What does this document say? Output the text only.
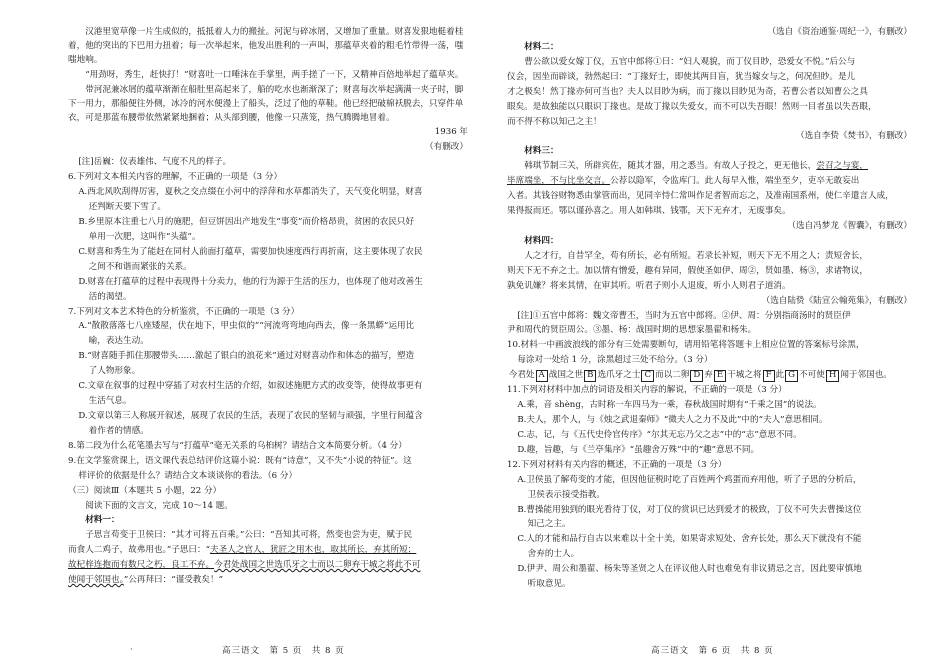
汉港里宽草像一片生成似的，抵抵着人力的搬扯。河泥与碎冰屑，又增加了重量。财喜发狠地梃着桂着，他的突出的下巴用力扭着；每一次举起来，他发出胜利的一声叫，那蕴草夹着的粗毛竹带得一荡，嗤嗤地响。

“用劲呀，秀生，赶快打！”财喜吐一口唾沫在手掌里，两手搓了一下，又精神百倍地举起了蕴草夹。

带河泥兼冰屑的蕴草渐渐在船肚里高起来了，船的吃水也渐渐深了；财喜每次举起满满一夹子时，脚下一用力，那船便往外侧，冰冷的河水便漫上了船头，泛过了他的草鞋。他已经把破棉袄脱去，只穿件单衣，可是那蓝布腰带依然紧紧地捆着；从头部到腰，他像一只蒸笼，热气腾腾地冒着。

1936 年

（有删改）

[注]岳巍：仪表雄伟、气度不凡的样子。

6.下列对文本相关内容的理解，不正确的一项是（3 分）

A.西北风吹刮得厉害，夏秋之交点缀在小河中的浮萍和水草都消失了，天气变化明显，财喜

还判断天要下雪了。

B.乡里原本注重七八月的施肥，但豆饼因出产地发生“事变”而价格昂贵，贫困的农民只好

单用一次肥，这叫作“头蕴”。

C.财喜和秀生为了能赶在同村人前面打蕴草，需要加快速度西行再折南，这主要体现了农民

之间不和谐而紧张的关系。

D.财喜在打蕴草的过程中表现得十分卖力，他的行为源于生活的压力，也体现了他对改善生

活的渴望。

7.下列对文本艺术特色的分析鉴赏，不正确的一项是（3 分）

A.“散散落落七八座矮屋，伏在地下，甲虫似的”“河流弯弯地向西去，像一条黑蟒”运用比

喻，表达生动。

B.“财喜随手抓住那腰带头……激起了银白的浪花来”通过对财喜动作和体态的描写，塑造

了人物形象。

C.文章在叙事的过程中穿插了对农村生活的介绍，如叙述施肥方式的改变等，使得故事更有

生活气息。

D.文章以第三人称展开叙述，展现了农民的生活，表现了农民的坚韧与顽强，字里行间蕴含

着作者的情感。

8.第二段为什么花笔墨去写与“打蕴草”毫无关系的乌桕树？请结合文本简要分析。（4 分）

9.在文学鉴赏课上，语文课代表总结评价这篇小说：既有“诗意”，又不失“小说的特征”。这

样评价的依据是什么？请结合文本谈谈你的看法。（6 分）

（三）阅读Ⅲ（本题共 5 小题，22 分）

阅读下面的文言文，完成 10～14 题。

材料一：

子思言苟变于卫侯曰：“其才可将五百乘。”公曰：“吾知其可将，然变也尝为吏，赋于民

而食人二鸡子，故弗用也。”子思曰：“夫圣人之官人，犹匠之用木也，取其所长，弃其所短；

故杞梓连抱而有数尺之朽，良工不弃。今君处战国之世选爪牙之士而以二卵弃干城之将此不可

使闻于邻国也。”公再拜曰：“谨受教矣！”

·	高三语文　第 5 页　共 8 页

（选自《资治通鉴·周纪一》，有删改）

材料二：

曹公欲以爱女嫁丁仪，五官中郎将①曰：“妇人观貌，而丁仪目眇，恐爱女不悦。”后公与

仪会，因坐而辟谈，勃然起曰：“丁掾好士，即使其两目盲，犹当嫁女与之，何况但眇。是儿

才之极矣！然丁掾亦何可当也？夫人以目眇为病，而丁掾以目眇见为奇，若曹公者以知曹公之具

眼矣。是故独能以只眼识丁掾也。是故丁掾以失爱女，而不可以失吾眼！然则一目者虽以失吾眼，

而不得不称以知己之主！

（选自李贽《焚书》，有删改）

材料三：

韩琪节制三关，所辟宾佐，随其才器，用之悉当。有故人子投之，更无他长，尝召之与宴，

毕席端坐，不与比坐交言。公荐以隐军，令监库门。此人每早入惟，端坐至夕，吏卒无敢妄出

入者。其钱谷财物悉由掌管而出，见同辛恃仁常叫作足者智而忘之，及准南国系州，使仁辛遣言人成，

果得报而还。鄂以谨孙喜之。用人如韩琪、钱鄂，天下无弃才，无废事矣。

（选自冯梦龙《智囊》，有删改）

材料四：

人之才行，自昔罕全，苟有所长，必有所短。若录长补短，则天下无不用之人；责短舍长，

则天下无不弃之士。加以情有憎爱，趣有异同，假使圣如伊、周②，贤如墨、杨③，求诸物议，

孰免讥嫌？将来其情，在审其听。听君子则小人退废，听小人则君子道消。

（选自陆贽《陆宣公翰苑集》，有删改）

[注]①五官中郎将：魏文帝曹丕，当时为五官中郎将。②伊、周：分别指商汤时的贤臣伊

尹和周代的贤臣周公。③墨、杨：战国时期的思想家墨翟和杨朱。

10.材料一中画波浪线的部分有三处需要断句，请用铅笔将答题卡上相应位置的答案标号涂黑，

每涂对一处给 1 分，涂黑超过三处不给分。（3 分）

今君处 A 战国之世 B 选爪牙之士 C 而以二卵 D 弃 E 干城之将 F 此 G 不可使 H 闻于邻国也。

11.下列对材料中加点的词语及相关内容的解说，不正确的一项是（3 分）

A.乘，音 shèng，古时称一车四马为一乘，春秋战国时期有“千乘之国”的说法。

B.夫人，那个人，与《烛之武退秦师》“微夫人之力不及此”中的“夫人”意思相同。

C.志，记，与《五代史伶官传序》“尔其无忘乃父之志”中的“志”意思不同。

D.趣，旨趣，与《兰亭集序》“虽趣舍万殊”中的“趣”意思不同。

12.下列对材料有关内容的概述，不正确的一项是（3 分）

A.卫侯虽了解苟变的才能，但因他征税时吃了百姓两个鸡蛋而弃用他，听了子思的分析后，

卫侯表示接受指教。

B.曹操能用独到的眼光看待丁仪，对丁仪的赏识已达到爱才的极致，丁仪不可失去曹操这位

知己之主。

C.人的才能和品行自古以来难以十全十美，如果寄求短处、舍弃长处，那么天下就没有不能

舍弃的士人。

D.伊尹、周公和墨翟、杨朱等圣贤之人在评议他人时也难免有非议猜忌之言，因此要审慎地

听取意见。

高三语文　第 6 页　共 8 页
